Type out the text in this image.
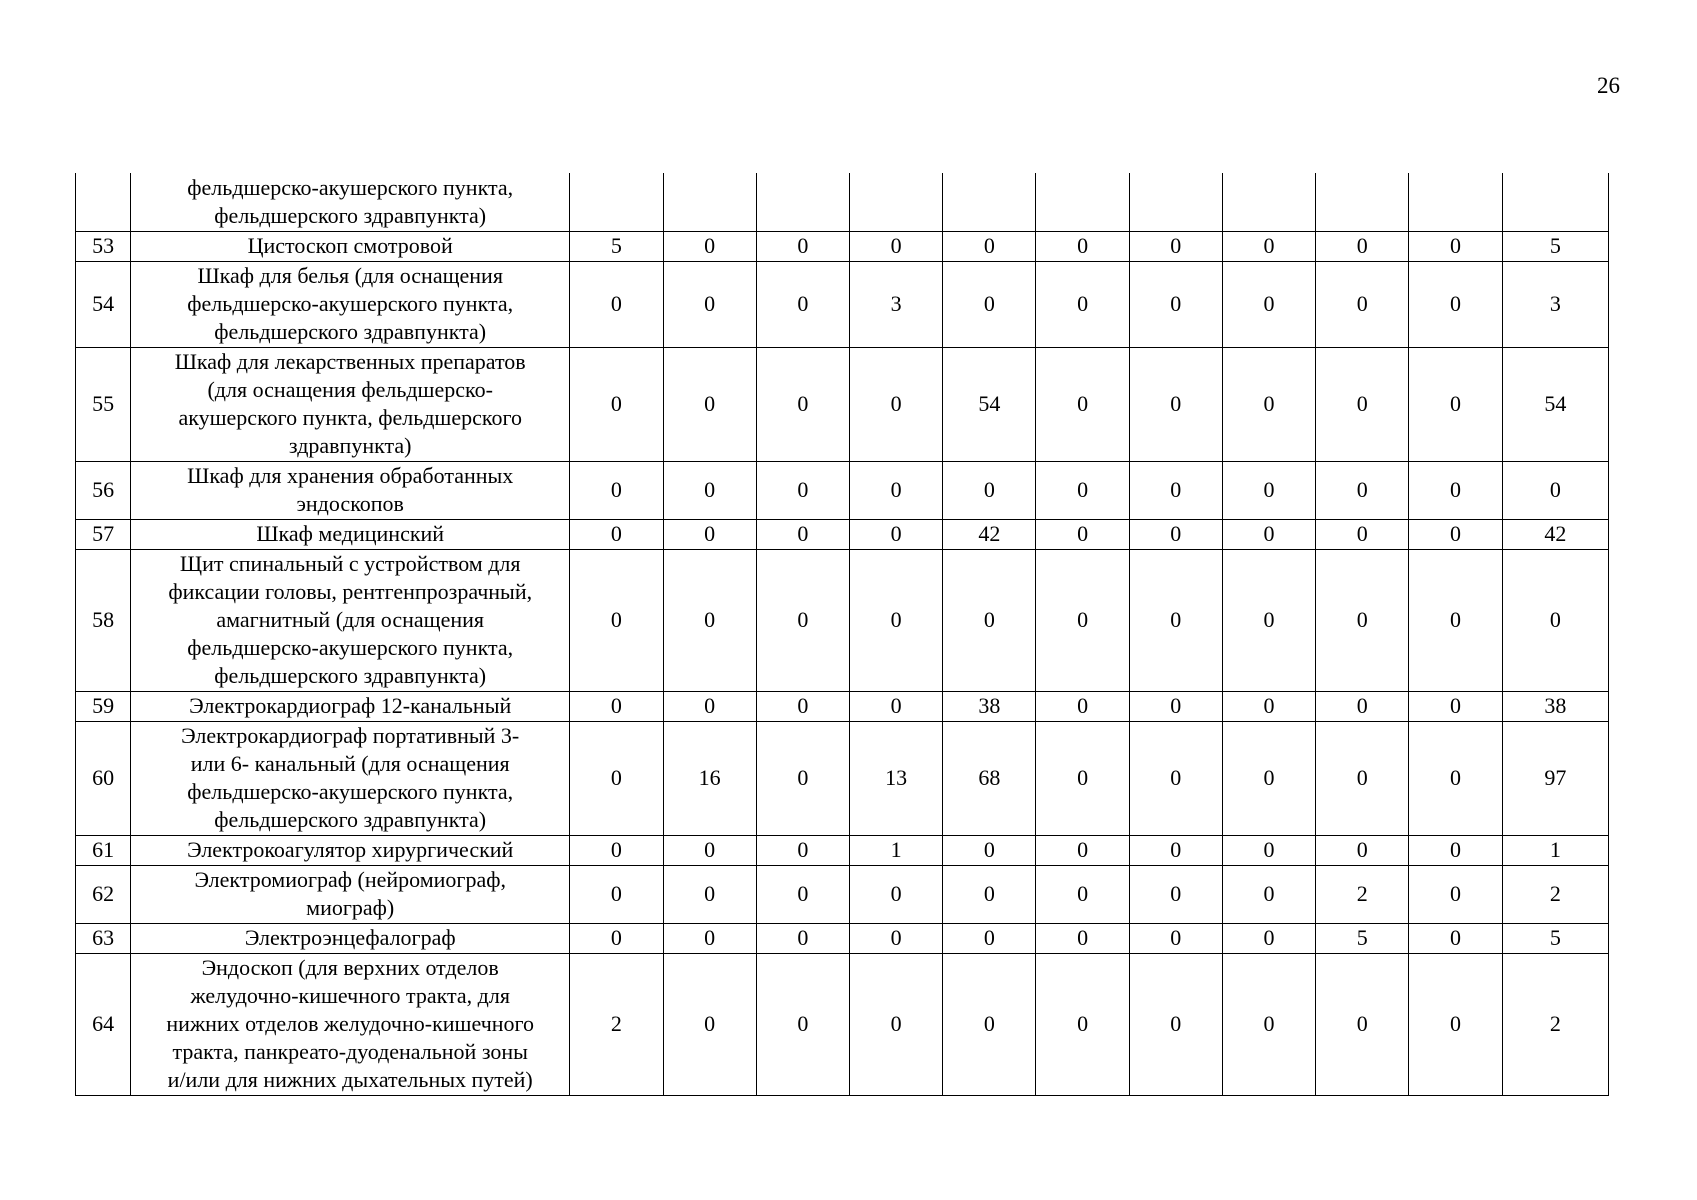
26

	фельдшерско-акушерского пункта,
фельдшерского здравпункта)											

53	Цистоскоп смотровой	5	0	0	0	0	0	0	0	0	0	5
54	Шкаф для белья (для оснащения
фельдшерско-акушерского пункта,
фельдшерского здравпункта)	0	0	0	3	0	0	0	0	0	0	3
55	Шкаф для лекарственных препаратов
(для оснащения фельдшерско-
акушерского пункта, фельдшерского
здравпункта)	0	0	0	0	54	0	0	0	0	0	54
56	Шкаф для хранения обработанных
эндоскопов	0	0	0	0	0	0	0	0	0	0	0
57	Шкаф медицинский	0	0	0	0	42	0	0	0	0	0	42
58	Щит спинальный с устройством для
фиксации головы, рентгенпрозрачный,
амагнитный (для оснащения
фельдшерско-акушерского пункта,
фельдшерского здравпункта)	0	0	0	0	0	0	0	0	0	0	0
59	Электрокардиограф 12-канальный	0	0	0	0	38	0	0	0	0	0	38
60	Электрокардиограф портативный 3-
или 6- канальный (для оснащения
фельдшерско-акушерского пункта,
фельдшерского здравпункта)	0	16	0	13	68	0	0	0	0	0	97
61	Электрокоагулятор хирургический	0	0	0	1	0	0	0	0	0	0	1
62	Электромиограф (нейромиограф,
миограф)	0	0	0	0	0	0	0	0	2	0	2
63	Электроэнцефалограф	0	0	0	0	0	0	0	0	5	0	5
64	Эндоскоп (для верхних отделов
желудочно-кишечного тракта, для
нижних отделов желудочно-кишечного
тракта, панкреато-дуоденальной зоны
и/или для нижних дыхательных путей)	2	0	0	0	0	0	0	0	0	0	2
